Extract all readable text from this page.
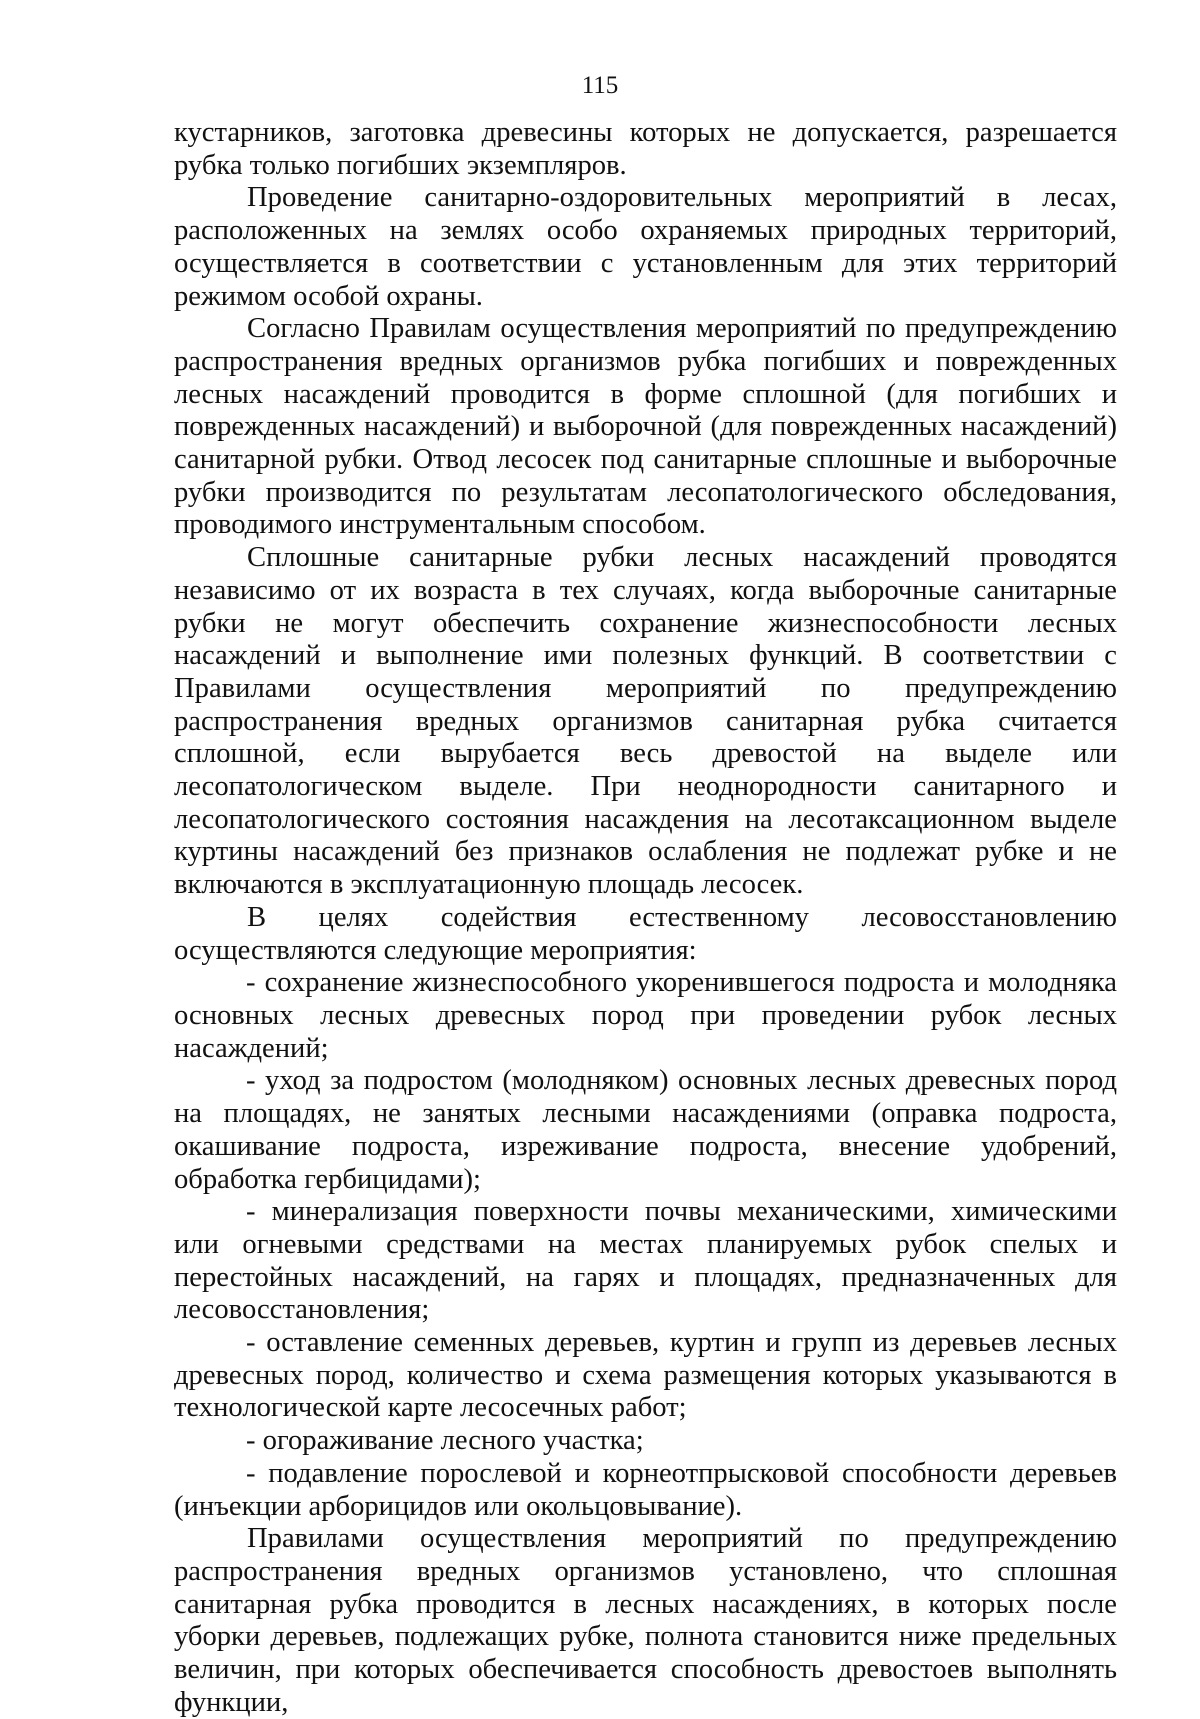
115

кустарников, заготовка древесины которых не допускается, разрешается рубка только погибших экземпляров.

Проведение санитарно-оздоровительных мероприятий в лесах, расположенных на землях особо охраняемых природных территорий, осуществляется в соответствии с установленным для этих территорий режимом особой охраны.

Согласно Правилам осуществления мероприятий по предупреждению распространения вредных организмов рубка погибших и поврежденных лесных насаждений проводится в форме сплошной (для погибших и поврежденных насаждений) и выборочной (для поврежденных насаждений) санитарной рубки. Отвод лесосек под санитарные сплошные и выборочные рубки производится по результатам лесопатологического обследования, проводимого инструментальным способом.

Сплошные санитарные рубки лесных насаждений проводятся независимо от их возраста в тех случаях, когда выборочные санитарные рубки не могут обеспечить сохранение жизнеспособности лесных насаждений и выполнение ими полезных функций. В соответствии с Правилами осуществления мероприятий по предупреждению распространения вредных организмов санитарная рубка считается сплошной, если вырубается весь древостой на выделе или лесопатологическом выделе. При неоднородности санитарного и лесопатологического состояния насаждения на лесотаксационном выделе куртины насаждений без признаков ослабления не подлежат рубке и не включаются в эксплуатационную площадь лесосек.

В целях содействия естественному лесовосстановлению осуществляются следующие мероприятия:

- сохранение жизнеспособного укоренившегося подроста и молодняка основных лесных древесных пород при проведении рубок лесных насаждений;

- уход за подростом (молодняком) основных лесных древесных пород на площадях, не занятых лесными насаждениями (оправка подроста, окашивание подроста, изреживание подроста, внесение удобрений, обработка гербицидами);

- минерализация поверхности почвы механическими, химическими или огневыми средствами на местах планируемых рубок спелых и перестойных насаждений, на гарях и площадях, предназначенных для лесовосстановления;

- оставление семенных деревьев, куртин и групп из деревьев лесных древесных пород, количество и схема размещения которых указываются в технологической карте лесосечных работ;

- огораживание лесного участка;

- подавление порослевой и корнеотпрысковой способности деревьев (инъекции арборицидов или окольцовывание).

Правилами осуществления мероприятий по предупреждению распространения вредных организмов установлено, что сплошная санитарная рубка проводится в лесных насаждениях, в которых после уборки деревьев, подлежащих рубке, полнота становится ниже предельных величин, при которых обеспечивается способность древостоев выполнять функции,
